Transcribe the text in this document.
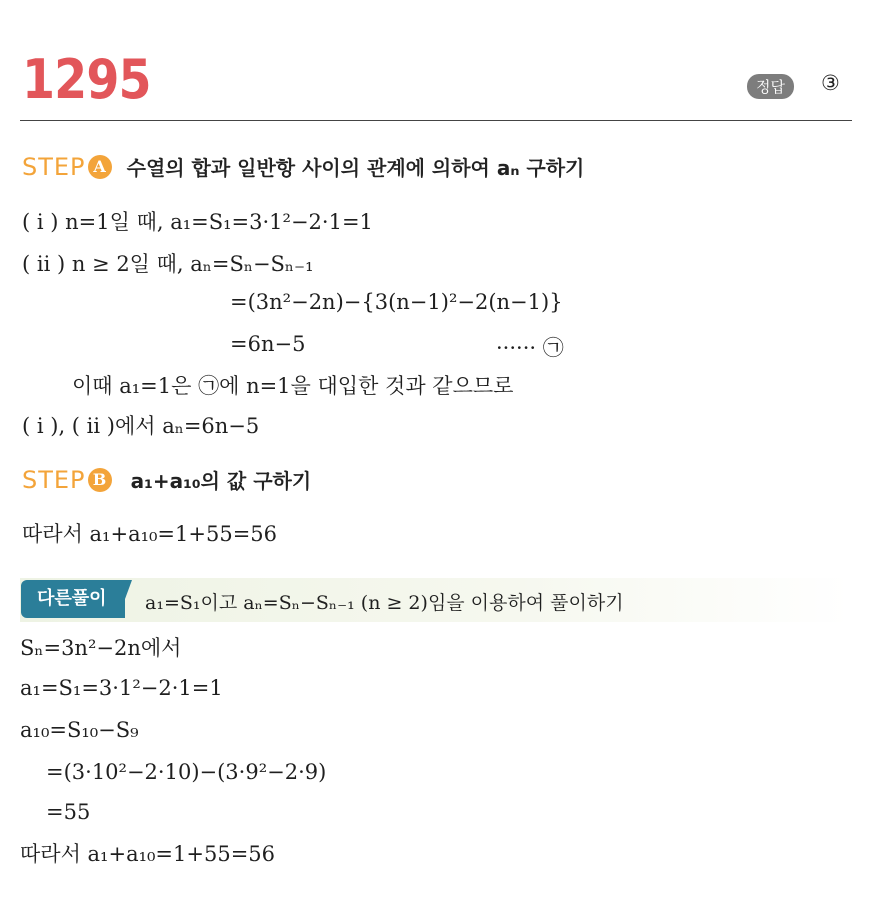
1295	정답	③
STEP A 수열의 합과 일반항 사이의 관계에 의하여 aₙ 구하기
( i ) n=1일 때, a₁=S₁=3·1²−2·1=1
( ii ) n ≥ 2일 때, aₙ=Sₙ−Sₙ₋₁
=(3n²−2n)−{3(n−1)²−2(n−1)}
=6n−5	······ ㉠
이때 a₁=1은 ㉠에 n=1을 대입한 것과 같으므로
( i ), ( ii )에서 aₙ=6n−5
STEP B a₁+a₁₀의 값 구하기
따라서 a₁+a₁₀=1+55=56
다른풀이	a₁=S₁이고 aₙ=Sₙ−Sₙ₋₁ (n ≥ 2)임을 이용하여 풀이하기
Sₙ=3n²−2n에서
a₁=S₁=3·1²−2·1=1
a₁₀=S₁₀−S₉
=(3·10²−2·10)−(3·9²−2·9)
=55
따라서 a₁+a₁₀=1+55=56
